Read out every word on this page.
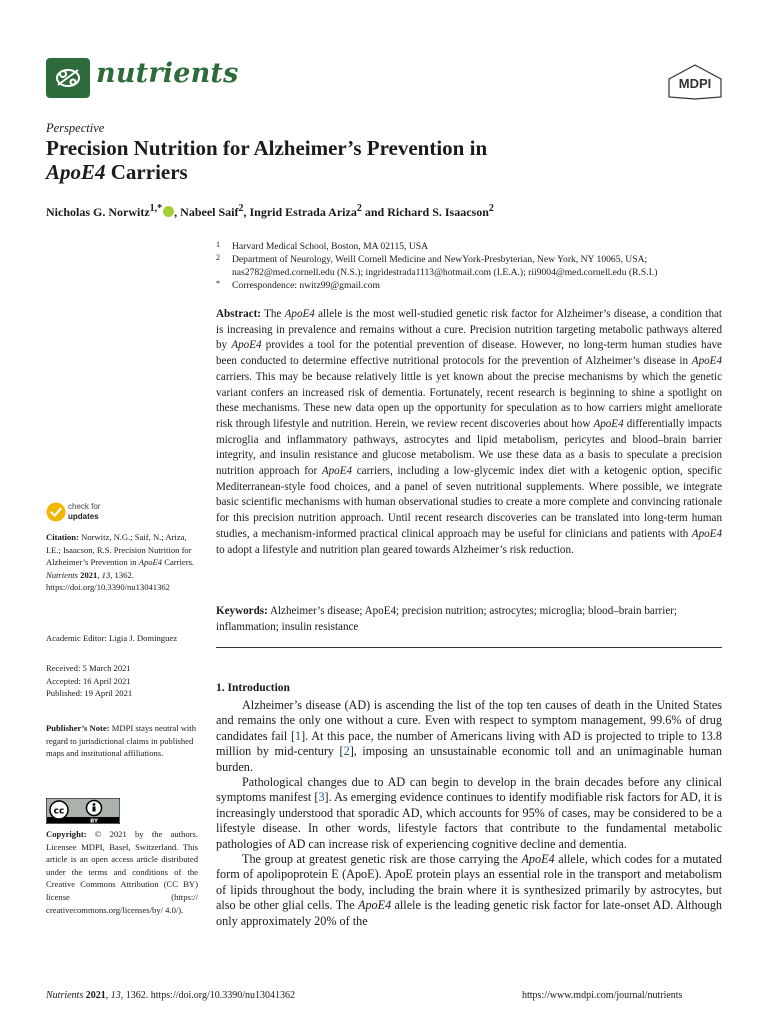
nutrients	MDPI
Perspective
Precision Nutrition for Alzheimer’s Prevention in
ApoE4 Carriers
Nicholas G. Norwitz$^{1,*}$ , Nabeel Saif$^2$, Ingrid Estrada Ariza$^2$ and Richard S. Isaacson$^2$
1 Harvard Medical School, Boston, MA 02115, USA
2 Department of Neurology, Weill Cornell Medicine and NewYork-Presbyterian, New York, NY 10065, USA; nas2782@med.cornell.edu (N.S.); ingridestrada1113@hotmail.com (I.E.A.); rii9004@med.cornell.edu (R.S.I.)
* Correspondence: nwitz99@gmail.com
Abstract: The ApoE4 allele is the most well-studied genetic risk factor for Alzheimer’s disease, a condition that is increasing in prevalence and remains without a cure. Precision nutrition targeting metabolic pathways altered by ApoE4 provides a tool for the potential prevention of disease. However, no long-term human studies have been conducted to determine effective nutritional protocols for the prevention of Alzheimer’s disease in ApoE4 carriers. This may be because relatively little is yet known about the precise mechanisms by which the genetic variant confers an increased risk of dementia. Fortunately, recent research is beginning to shine a spotlight on these mechanisms. These new data open up the opportunity for speculation as to how carriers might ameliorate risk through lifestyle and nutrition. Herein, we review recent discoveries about how ApoE4 differentially impacts microglia and inflammatory pathways, astrocytes and lipid metabolism, pericytes and blood–brain barrier integrity, and insulin resistance and glucose metabolism. We use these data as a basis to speculate a precision nutrition approach for ApoE4 carriers, including a low-glycemic index diet with a ketogenic option, specific Mediterranean-style food choices, and a panel of seven nutritional supplements. Where possible, we integrate basic scientific mechanisms with human observational studies to create a more complete and convincing rationale for this precision nutrition approach. Until recent research discoveries can be translated into long-term human studies, a mechanism-informed practical clinical approach may be useful for clinicians and patients with ApoE4 to adopt a lifestyle and nutrition plan geared towards Alzheimer’s risk reduction.
Keywords: Alzheimer’s disease; ApoE4; precision nutrition; astrocytes; microglia; blood–brain barrier; inflammation; insulin resistance
check for
updates
Citation: Norwitz, N.G.; Saif, N.; Ariza, I.E.; Isaacson, R.S. Precision Nutrition for Alzheimer’s Prevention in ApoE4 Carriers. Nutrients 2021, 13, 1362. https://doi.org/10.3390/nu13041362
Academic Editor: Ligia J. Dominguez
Received: 5 March 2021
Accepted: 16 April 2021
Published: 19 April 2021
Publisher’s Note: MDPI stays neutral with regard to jurisdictional claims in published maps and institutional affiliations.
cc
BY
Copyright: © 2021 by the authors. Licensee MDPI, Basel, Switzerland. This article is an open access article distributed under the terms and conditions of the Creative Commons Attribution (CC BY) license (https:// creativecommons.org/licenses/by/ 4.0/).
1. Introduction

Alzheimer’s disease (AD) is ascending the list of the top ten causes of death in the United States and remains the only one without a cure. Even with respect to symptom management, 99.6% of drug candidates fail [1]. At this pace, the number of Americans living with AD is projected to triple to 13.8 million by mid-century [2], imposing an unsustainable economic toll and an unimaginable human burden.

Pathological changes due to AD can begin to develop in the brain decades before any clinical symptoms manifest [3]. As emerging evidence continues to identify modifiable risk factors for AD, it is increasingly understood that sporadic AD, which accounts for 95% of cases, may be considered to be a lifestyle disease. In other words, lifestyle factors that contribute to the fundamental metabolic pathologies of AD can increase risk of experiencing cognitive decline and dementia.

The group at greatest genetic risk are those carrying the ApoE4 allele, which codes for a mutated form of apolipoprotein E (ApoE). ApoE protein plays an essential role in the transport and metabolism of lipids throughout the body, including the brain where it is synthesized primarily by astrocytes, but also be other glial cells. The ApoE4 allele is the leading genetic risk factor for late-onset AD. Although only approximately 20% of the

Nutrients 2021, 13, 1362. https://doi.org/10.3390/nu13041362	https://www.mdpi.com/journal/nutrients
